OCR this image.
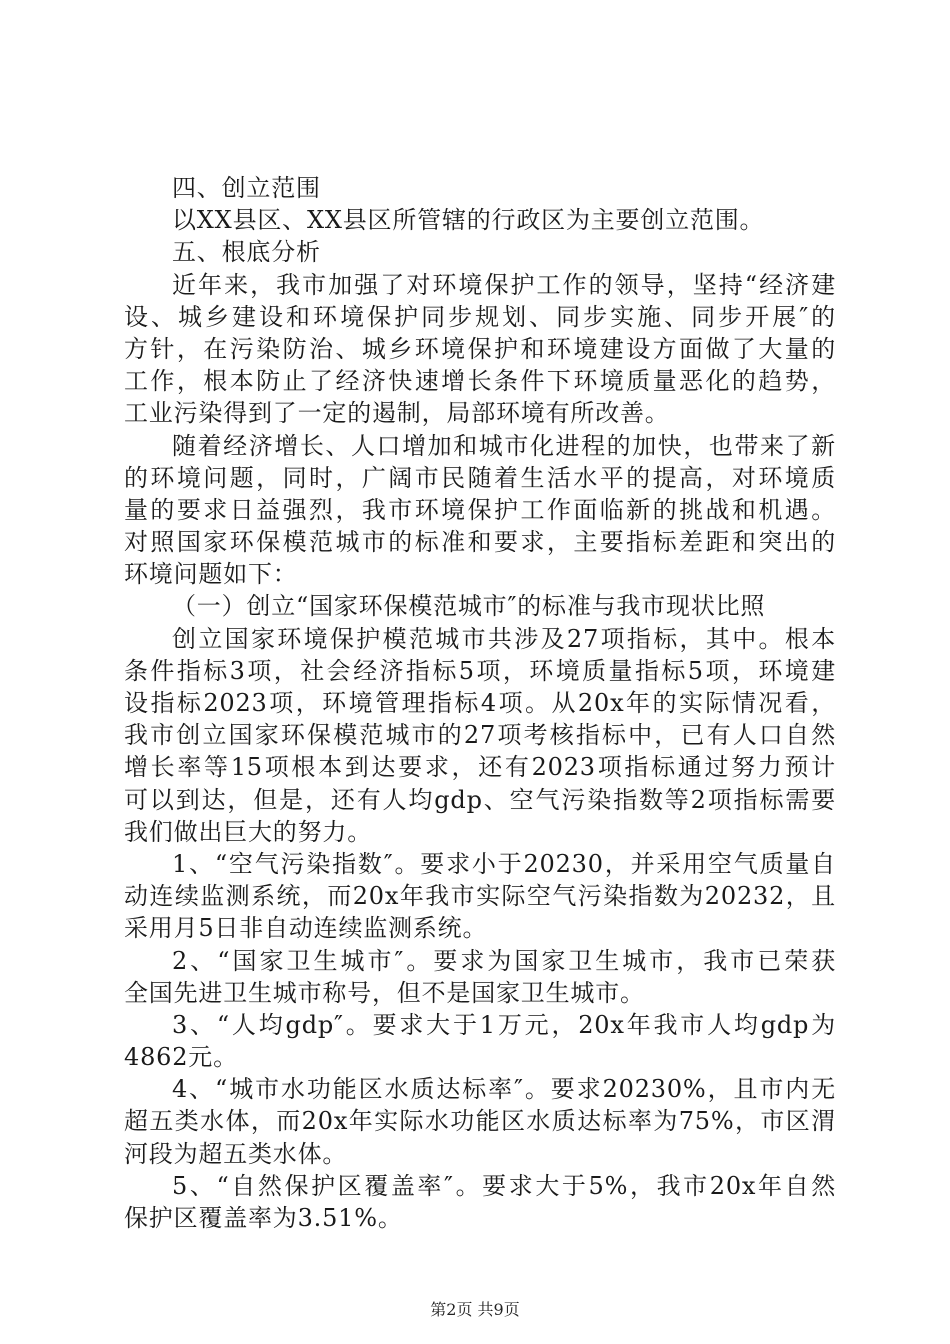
四、创立范围
以XX县区、XX县区所管辖的行政区为主要创立范围。
五、根底分析
近年来，我市加强了对环境保护工作的领导，坚持“经济建
设、城乡建设和环境保护同步规划、同步实施、同步开展″的
方针，在污染防治、城乡环境保护和环境建设方面做了大量的
工作，根本防止了经济快速增长条件下环境质量恶化的趋势，
工业污染得到了一定的遏制，局部环境有所改善。
随着经济增长、人口增加和城市化进程的加快，也带来了新
的环境问题，同时，广阔市民随着生活水平的提高，对环境质
量的要求日益强烈，我市环境保护工作面临新的挑战和机遇。
对照国家环保模范城市的标准和要求，主要指标差距和突出的
环境问题如下：
（一）创立“国家环保模范城市″的标准与我市现状比照
创立国家环境保护模范城市共涉及27项指标，其中。根本
条件指标3项，社会经济指标5项，环境质量指标5项，环境建
设指标2023项，环境管理指标4项。从20x年的实际情况看，
我市创立国家环保模范城市的27项考核指标中，已有人口自然
增长率等15项根本到达要求，还有2023项指标通过努力预计
可以到达，但是，还有人均gdp、空气污染指数等2项指标需要
我们做出巨大的努力。
1、“空气污染指数″。要求小于20230，并采用空气质量自
动连续监测系统，而20x年我市实际空气污染指数为20232，且
采用月5日非自动连续监测系统。
2、“国家卫生城市″。要求为国家卫生城市，我市已荣获
全国先进卫生城市称号，但不是国家卫生城市。
3、“人均gdp″。要求大于1万元，20x年我市人均gdp为
4862元。
4、“城市水功能区水质达标率″。要求20230%，且市内无
超五类水体，而20x年实际水功能区水质达标率为75%，市区渭
河段为超五类水体。
5、“自然保护区覆盖率″。要求大于5%，我市20x年自然
保护区覆盖率为3.51%。
第2页 共9页
